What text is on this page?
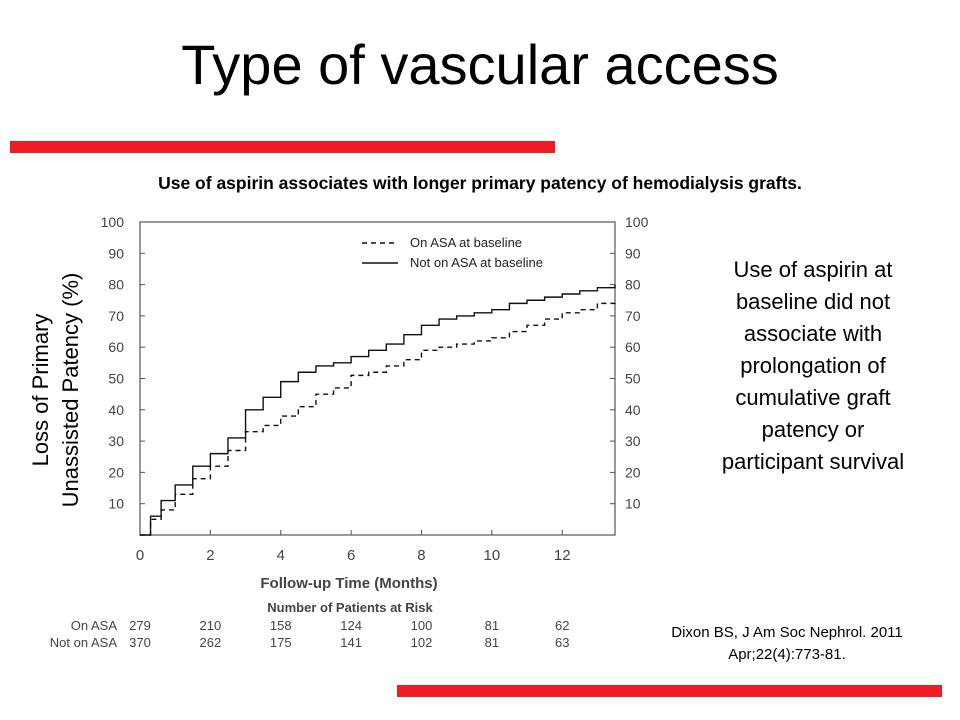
Type of vascular access
Use of aspirin associates with longer primary patency of hemodialysis grafts.
Loss of Primary Unassisted Patency (%) 10	10
20	20
30	30
40	40
50	50
60	60
70	70
80	80
90	90
100	100
0	2	4	6	8	10	12
On ASA at baseline
Not on ASA at baseline
Follow-up Time (Months)
Number of Patients at Risk
On ASA 279	210	158	124	100	81	62
Not on ASA 370	262	175	141	102	81	63
Use of aspirin at baseline did not associate with prolongation of cumulative graft patency or participant survival
Dixon BS, J Am Soc Nephrol. 2011
Apr;22(4):773-81.
